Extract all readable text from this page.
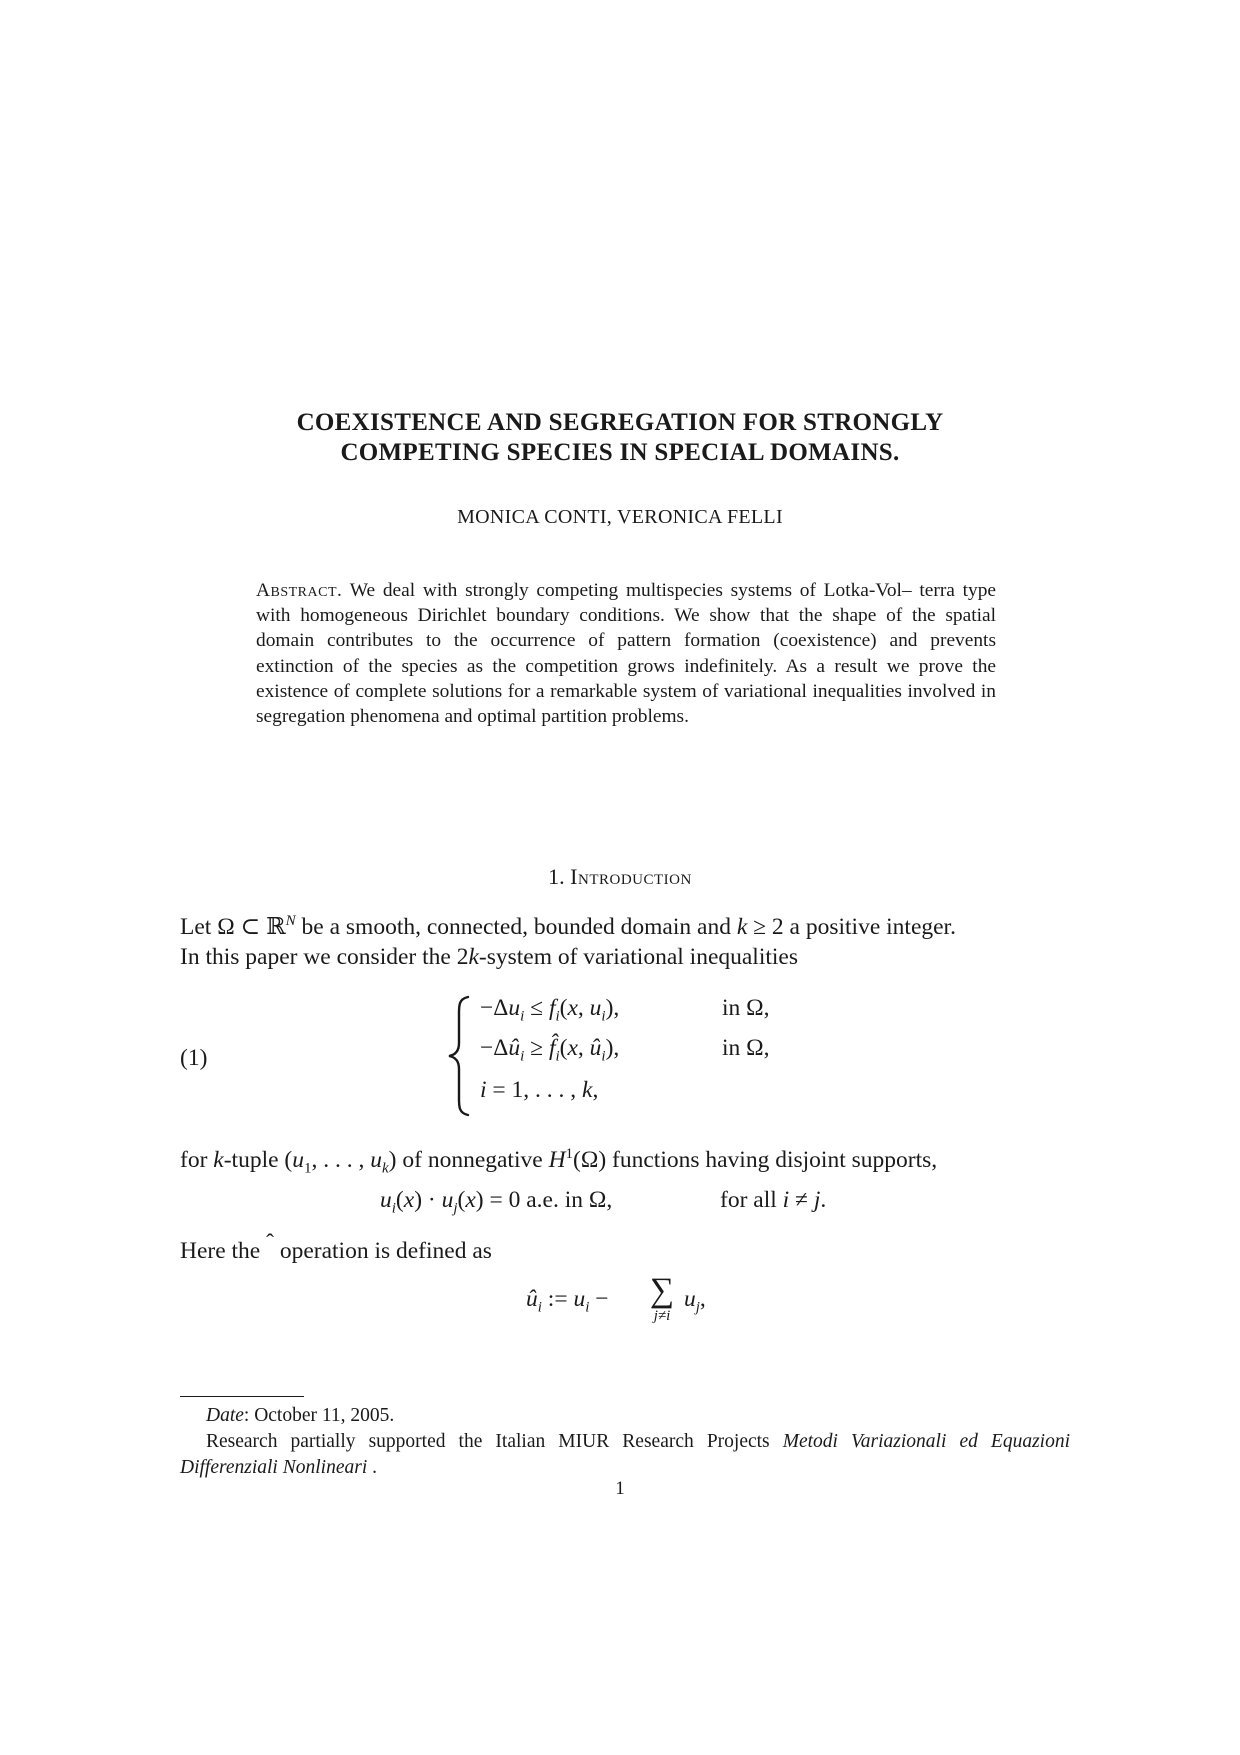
COEXISTENCE AND SEGREGATION FOR STRONGLY
COMPETING SPECIES IN SPECIAL DOMAINS.
MONICA CONTI, VERONICA FELLI
Abstract. We deal with strongly competing multispecies systems of Lotka-Vol– terra type with homogeneous Dirichlet boundary conditions. We show that the shape of the spatial domain contributes to the occurrence of pattern formation (coexistence) and prevents extinction of the species as the competition grows indefinitely. As a result we prove the existence of complete solutions for a remarkable system of variational inequalities involved in segregation phenomena and optimal partition problems.
1. Introduction
Let Ω ⊂ ℝ$^N$ be a smooth, connected, bounded domain and k ≥ 2 a positive integer.
In this paper we consider the 2k-system of variational inequalities
(1)
$-\Delta u_i \le f_i(x$, $u_i$),	in Ω,
$-\Delta û_i$ ≥ $f̂_i(x$, $û_i$),	in Ω,
i = 1, . . . , k,
for k-tuple ($u_1$, . . . , $u_k$) of nonnegative $H^1(\Omega)$ functions having disjoint supports,
$u_i(x) \cdot u_j(x) = 0$ a.e. in Ω,	for all i ≠ j.
Here the ˆ operation is defined as
$û_i$ := $u_i$ − ∑
j≠i
$u_j$,
Date: October 11, 2005.
Research partially supported the Italian MIUR Research Projects Metodi Variazionali ed Equazioni Differenziali Nonlineari .
1
